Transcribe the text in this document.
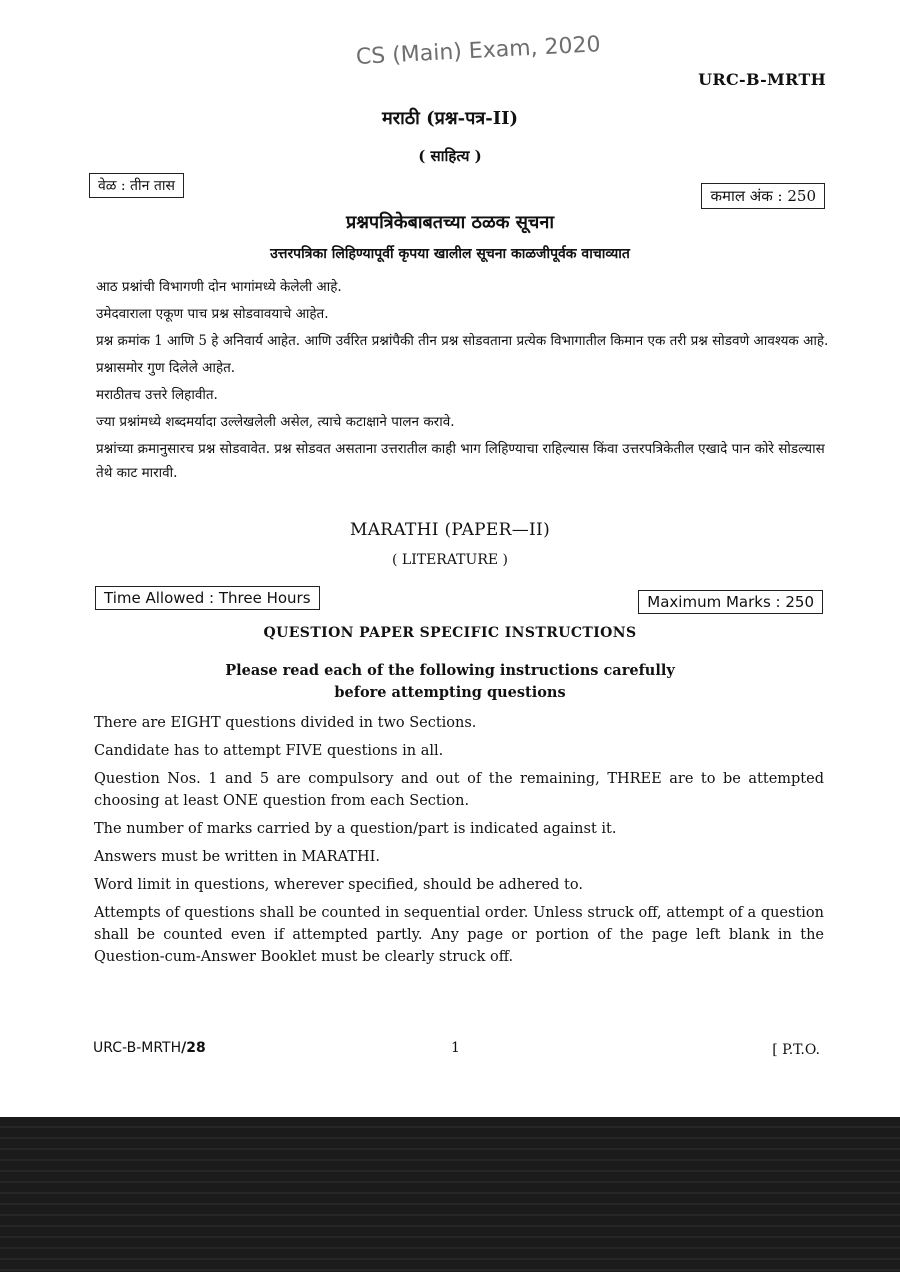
CS (Main) Exam, 2020
URC-B-MRTH
मराठी (प्रश्न-पत्र-II)
( साहित्य )
वेळ : तीन तास
कमाल अंक : 250
प्रश्नपत्रिकेबाबतच्या ठळक सूचना
उत्तरपत्रिका लिहिण्यापूर्वी कृपया खालील सूचना काळजीपूर्वक वाचाव्यात

आठ प्रश्नांची विभागणी दोन भागांमध्ये केलेली आहे.

उमेदवाराला एकूण पाच प्रश्न सोडवावयाचे आहेत.

प्रश्न क्रमांक 1 आणि 5 हे अनिवार्य आहेत. आणि उर्वरित प्रश्नांपैकी तीन प्रश्न सोडवताना प्रत्येक विभागातील किमान एक तरी प्रश्न सोडवणे आवश्यक आहे.

प्रश्नासमोर गुण दिलेले आहेत.

मराठीतच उत्तरे लिहावीत.

ज्या प्रश्नांमध्ये शब्दमर्यादा उल्लेखलेली असेल, त्याचे कटाक्षाने पालन करावे.

प्रश्नांच्या क्रमानुसारच प्रश्न सोडवावेत. प्रश्न सोडवत असताना उत्तरातील काही भाग लिहिण्याचा राहिल्यास किंवा उत्तरपत्रिकेतील एखादे पान कोरे सोडल्यास तेथे काट मारावी.

MARATHI (PAPER—II)
( LITERATURE )
Time Allowed : Three Hours	Maximum Marks : 250
QUESTION PAPER SPECIFIC INSTRUCTIONS
Please read each of the following instructions carefully
before attempting questions

There are EIGHT questions divided in two Sections.

Candidate has to attempt FIVE questions in all.

Question Nos. 1 and 5 are compulsory and out of the remaining, THREE are to be attempted choosing at least ONE question from each Section.

The number of marks carried by a question/part is indicated against it.

Answers must be written in MARATHI.

Word limit in questions, wherever specified, should be adhered to.

Attempts of questions shall be counted in sequential order. Unless struck off, attempt of a question shall be counted even if attempted partly. Any page or portion of the page left blank in the Question-cum-Answer Booklet must be clearly struck off.

URC-B-MRTH/28	1	[ P.T.O.
